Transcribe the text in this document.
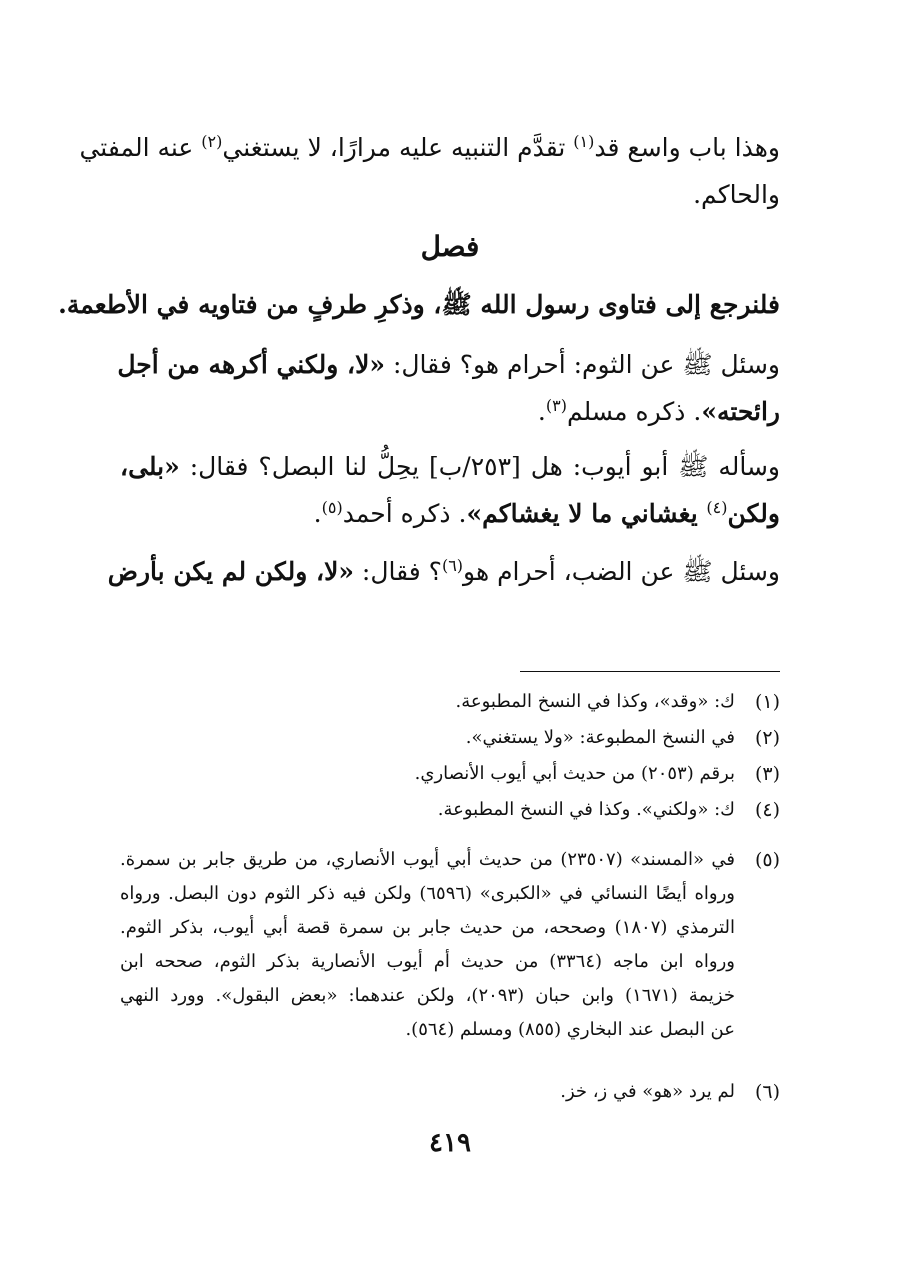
وهذا باب واسع قد$^{(١)}$ تقدَّم التنبيه عليه مرارًا، لا يستغني$^{(٢)}$ عنه المفتي
والحاكم.
فصل
فلنرجع إلى فتاوى رسول الله ﷺ، وذكرِ طرفٍ من فتاويه في الأطعمة.
وسئل ﷺ عن الثوم: أحرام هو؟ فقال: «لا، ولكني أكرهه من أجل
رائحته». ذكره مسلم$^{(٣)}$.
وسأله ﷺ أبو أيوب: هل [٢٥٣/ب] يحِلُّ لنا البصل؟ فقال: «بلى،
ولكن$^{(٤)}$ يغشاني ما لا يغشاكم». ذكره أحمد$^{(٥)}$.
وسئل ﷺ عن الضب، أحرام هو$^{(٦)}$؟ فقال: «لا، ولكن لم يكن بأرض
(١)
ك: «وقد»، وكذا في النسخ المطبوعة.
(٢)
في النسخ المطبوعة: «ولا يستغني».
(٣)
برقم (٢٠٥٣) من حديث أبي أيوب الأنصاري.
(٤)
ك: «ولكني». وكذا في النسخ المطبوعة.
(٥)
في «المسند» (٢٣٥٠٧) من حديث أبي أيوب الأنصاري، من طريق جابر بن سمرة.
ورواه أيضًا النسائي في «الكبرى» (٦٥٩٦) ولكن فيه ذكر الثوم دون البصل. ورواه
الترمذي (١٨٠٧) وصححه، من حديث جابر بن سمرة قصة أبي أيوب، بذكر الثوم.
ورواه ابن ماجه (٣٣٦٤) من حديث أم أيوب الأنصارية بذكر الثوم، صححه ابن
خزيمة (١٦٧١) وابن حبان (٢٠٩٣)، ولكن عندهما: «بعض البقول». وورد النهي
عن البصل عند البخاري (٨٥٥) ومسلم (٥٦٤).
(٦)
لم يرد «هو» في ز، خز.
٤١٩
